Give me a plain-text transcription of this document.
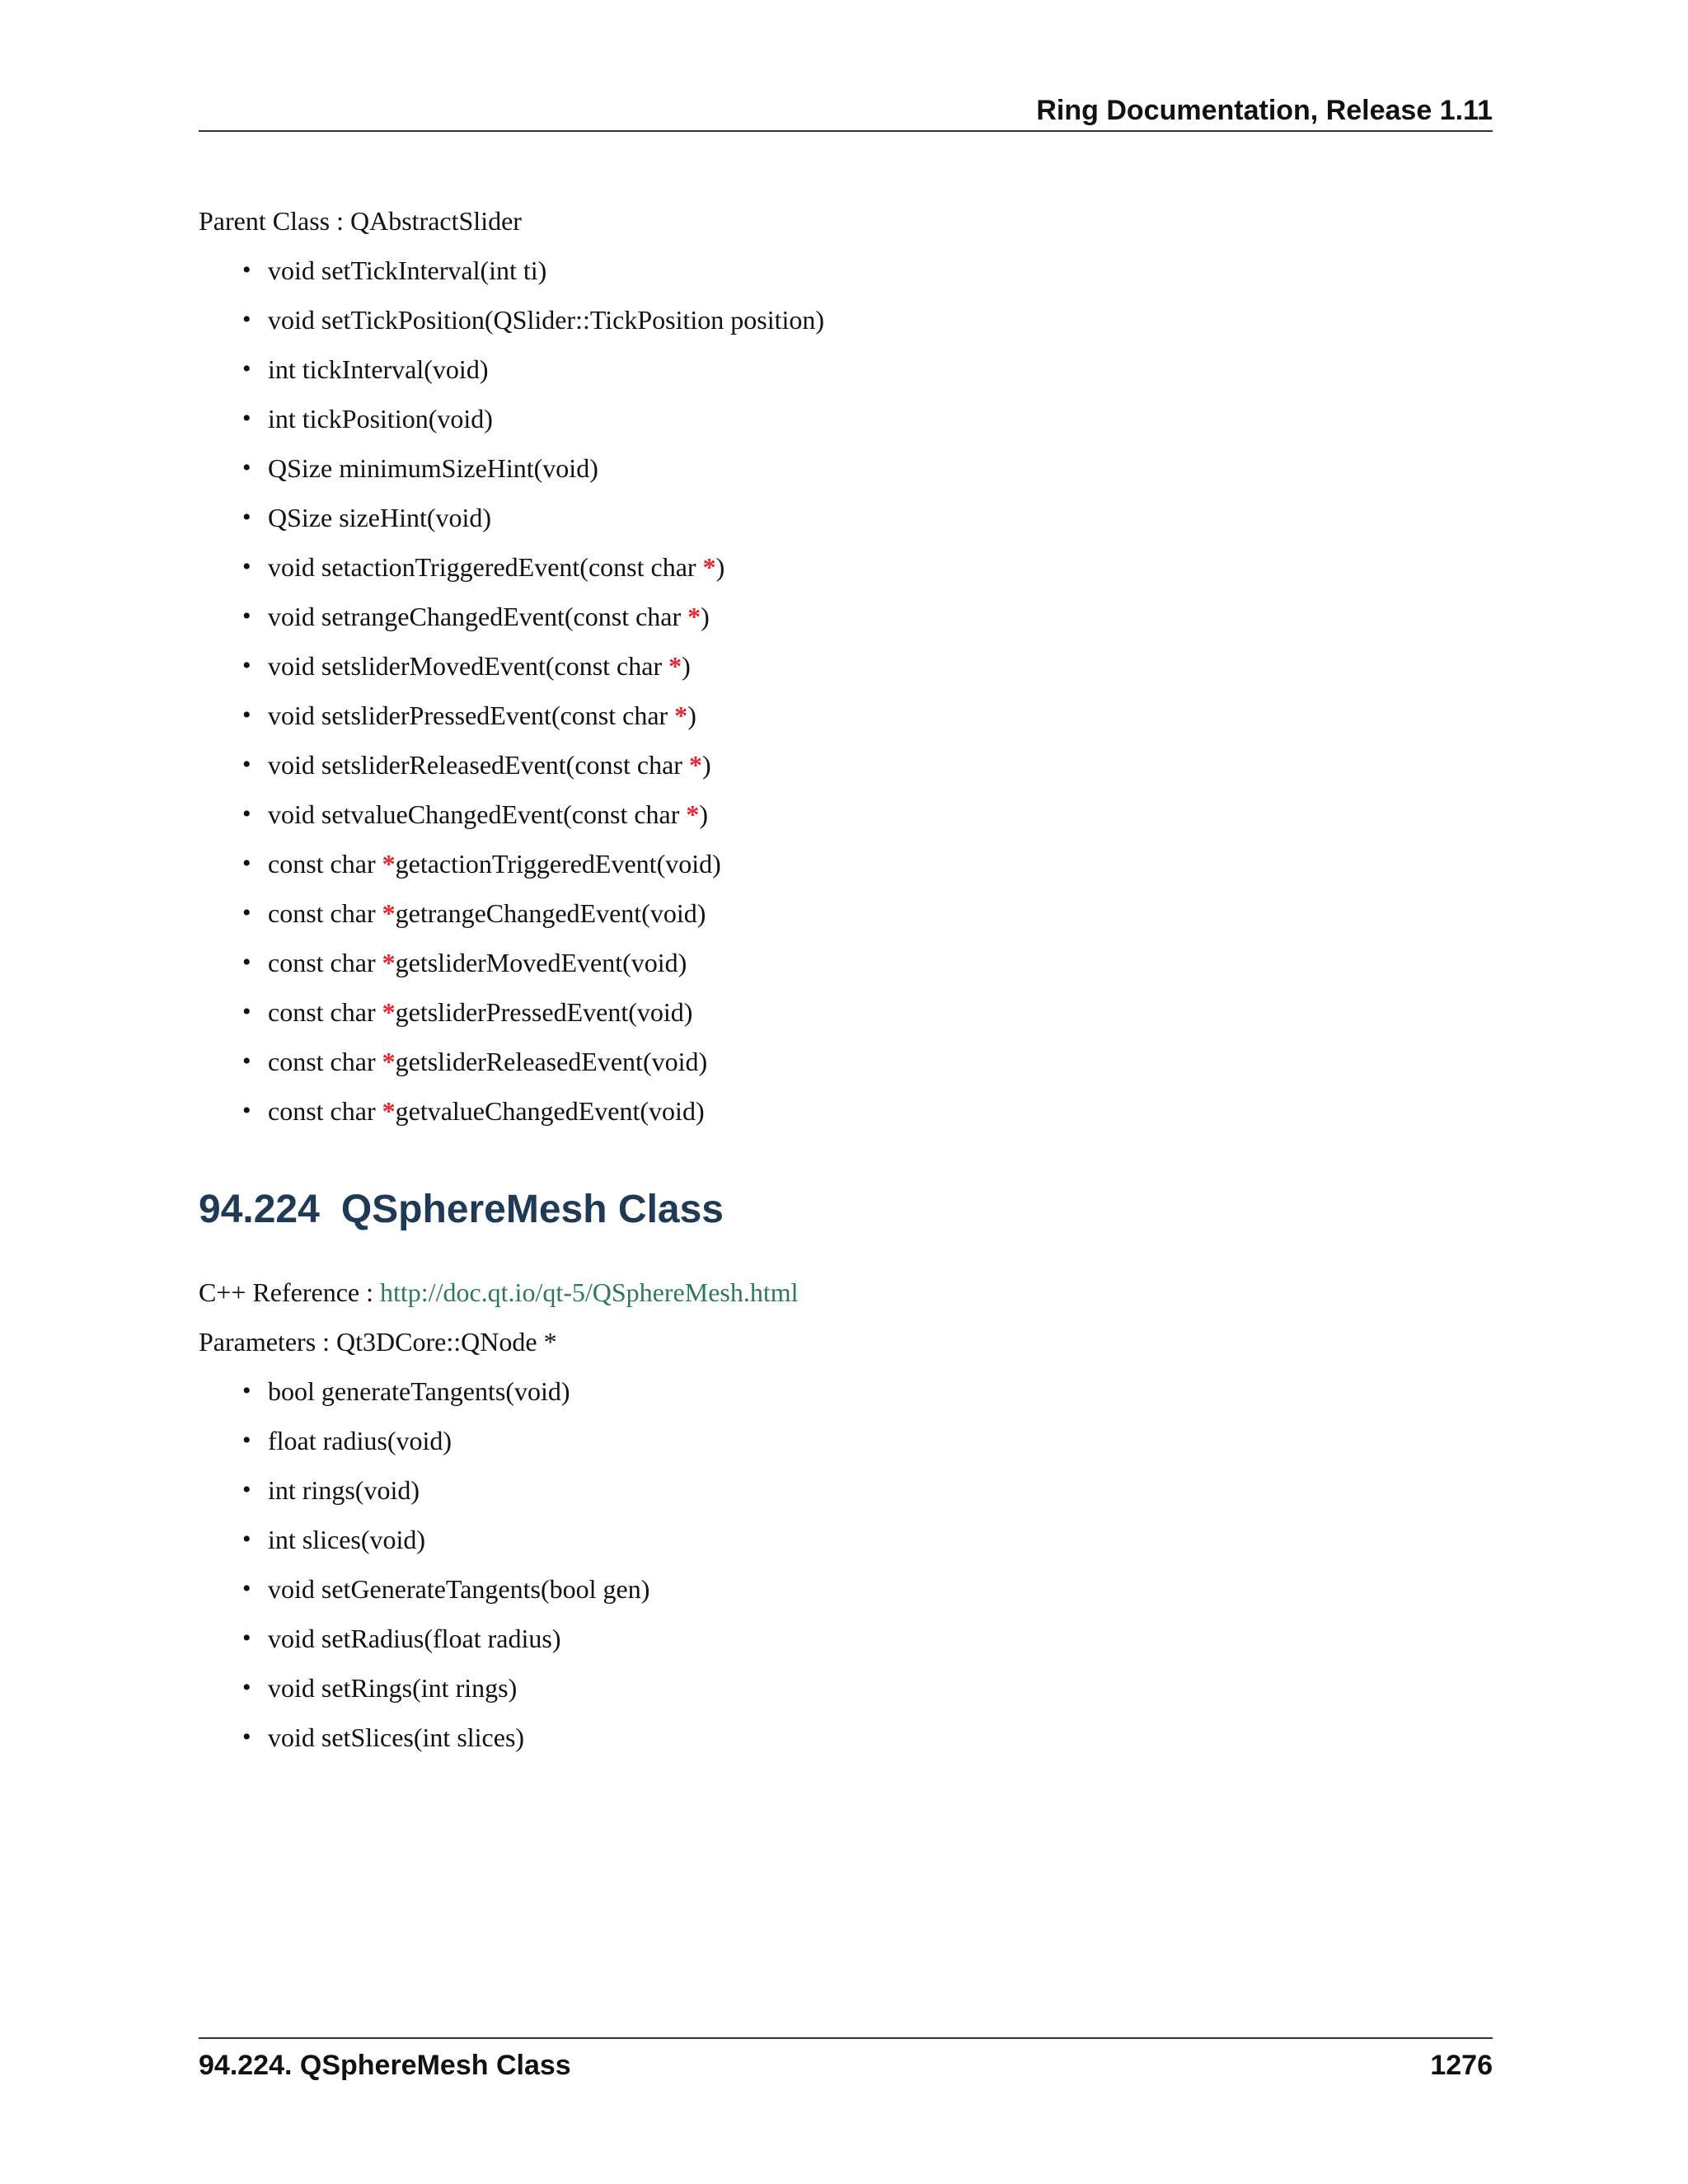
Ring Documentation, Release 1.11
Parent Class : QAbstractSlider
• void setTickInterval(int ti)
• void setTickPosition(QSlider::TickPosition position)
• int tickInterval(void)
• int tickPosition(void)
• QSize minimumSizeHint(void)
• QSize sizeHint(void)
• void setactionTriggeredEvent(const char *)
• void setrangeChangedEvent(const char *)
• void setsliderMovedEvent(const char *)
• void setsliderPressedEvent(const char *)
• void setsliderReleasedEvent(const char *)
• void setvalueChangedEvent(const char *)
• const char *getactionTriggeredEvent(void)
• const char *getrangeChangedEvent(void)
• const char *getsliderMovedEvent(void)
• const char *getsliderPressedEvent(void)
• const char *getsliderReleasedEvent(void)
• const char *getvalueChangedEvent(void)
94.224 QSphereMesh Class
C++ Reference : http://doc.qt.io/qt-5/QSphereMesh.html
Parameters : Qt3DCore::QNode *
• bool generateTangents(void)
• float radius(void)
• int rings(void)
• int slices(void)
• void setGenerateTangents(bool gen)
• void setRadius(float radius)
• void setRings(int rings)
• void setSlices(int slices)
94.224. QSphereMesh Class	1276
